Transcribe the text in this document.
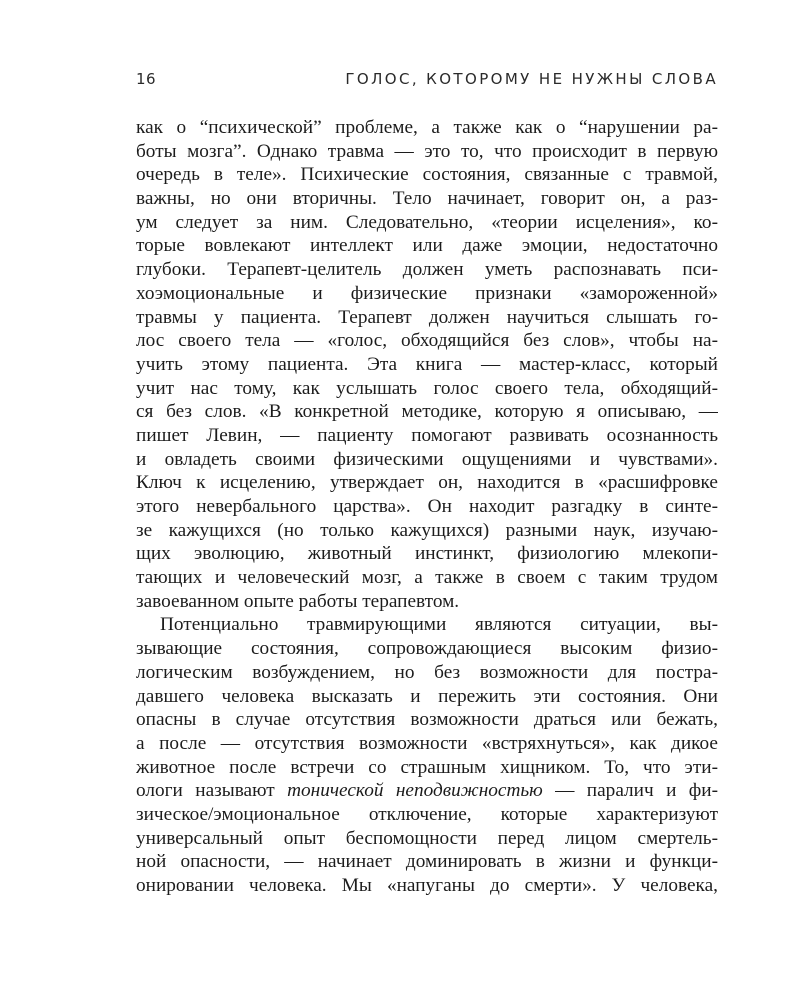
16	ГОЛОС, КОТОРОМУ НЕ НУЖНЫ СЛОВА
как о “психической” проблеме, а также как о “нарушении ра-
боты мозга”. Однако травма — это то, что происходит в первую
очередь в теле». Психические состояния, связанные с травмой,
важны, но они вторичны. Тело начинает, говорит он, а раз-
ум следует за ним. Следовательно, «теории исцеления», ко-
торые вовлекают интеллект или даже эмоции, недостаточно
глубоки. Терапевт-целитель должен уметь распознавать пси-
хоэмоциональные и физические признаки «замороженной»
травмы у пациента. Терапевт должен научиться слышать го-
лос своего тела — «голос, обходящийся без слов», чтобы на-
учить этому пациента. Эта книга — мастер-класс, который
учит нас тому, как услышать голос своего тела, обходящий-
ся без слов. «В конкретной методике, которую я описываю, —
пишет Левин, — пациенту помогают развивать осознанность
и овладеть своими физическими ощущениями и чувствами».
Ключ к исцелению, утверждает он, находится в «расшифровке
этого невербального царства». Он находит разгадку в синте-
зе кажущихся (но только кажущихся) разными наук, изучаю-
щих эволюцию, животный инстинкт, физиологию млекопи-
тающих и человеческий мозг, а также в своем с таким трудом
завоеванном опыте работы терапевтом.
Потенциально травмирующими являются ситуации, вы-
зывающие состояния, сопровождающиеся высоким физио-
логическим возбуждением, но без возможности для постра-
давшего человека высказать и пережить эти состояния. Они
опасны в случае отсутствия возможности драться или бежать,
а после — отсутствия возможности «встряхнуться», как дикое
животное после встречи со страшным хищником. То, что эти-
ологи называют тонической неподвижностью — паралич и фи-
зическое/эмоциональное отключение, которые характеризуют
универсальный опыт беспомощности перед лицом смертель-
ной опасности, — начинает доминировать в жизни и функци-
онировании человека. Мы «напуганы до смерти». У человека,
